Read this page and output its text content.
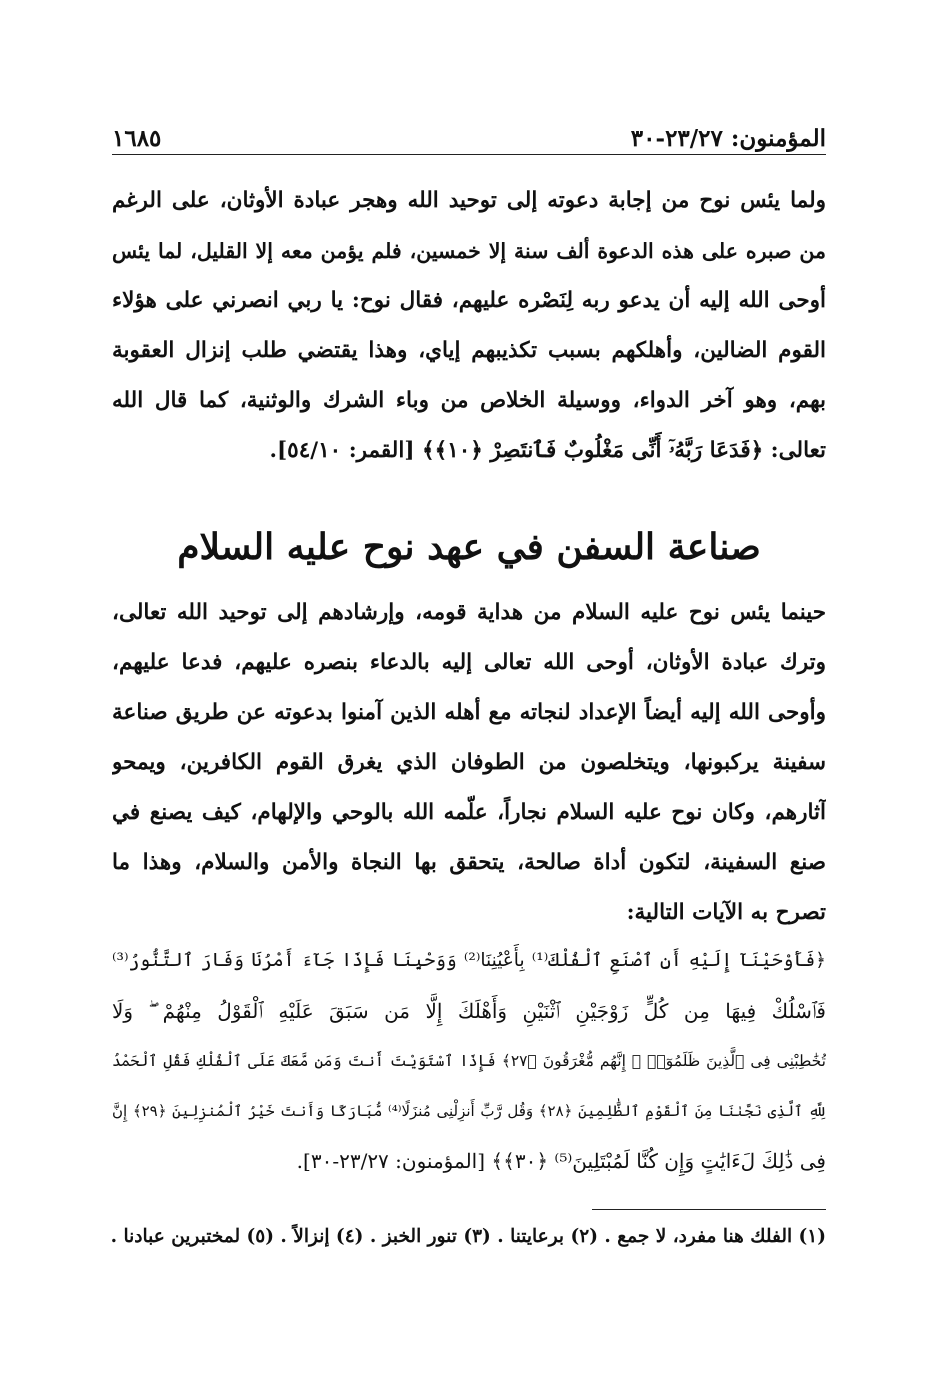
المؤمنون: ٢٣/٢٧-٣٠
١٦٨٥
ولما يئس نوح من إجابة دعوته إلى توحيد الله وهجر عبادة الأوثان، على الرغم
من صبره على هذه الدعوة ألف سنة إلا خمسين، فلم يؤمن معه إلا القليل، لما يئس
أوحى الله إليه أن يدعو ربه لِنَصْره عليهم، فقال نوح: يا ربي انصرني على هؤلاء
القوم الضالين، وأهلكهم بسبب تكذيبهم إياي، وهذا يقتضي طلب إنزال العقوبة
بهم، وهو آخر الدواء، ووسيلة الخلاص من وباء الشرك والوثنية، كما قال الله
تعالى: ﴿فَدَعَا رَبَّهُۥٓ أَنِّى مَغْلُوبٌ فَٱنتَصِرْ ﴿١٠﴾﴾ [القمر: ٥٤/١٠].
صناعة السفن في عهد نوح عليه السلام
حينما يئس نوح عليه السلام من هداية قومه، وإرشادهم إلى توحيد الله تعالى،
وترك عبادة الأوثان، أوحى الله تعالى إليه بالدعاء بنصره عليهم، فدعا عليهم،
وأوحى الله إليه أيضاً الإعداد لنجاته مع أهله الذين آمنوا بدعوته عن طريق صناعة
سفينة يركبونها، ويتخلصون من الطوفان الذي يغرق القوم الكافرين، ويمحو
آثارهم، وكان نوح عليه السلام نجاراً، علّمه الله بالوحي والإلهام، كيف يصنع في
صنع السفينة، لتكون أداة صالحة، يتحقق بها النجاة والأمن والسلام، وهذا ما
تصرح به الآيات التالية:
﴿فَأَوْحَيْنَآ إِلَيْهِ أَنِ ٱصْنَعِ ٱلْفُلْكَ⁽¹⁾ بِأَعْيُنِنَا⁽²⁾ وَوَحْيِنَا فَإِذَا جَآءَ أَمْرُنَا وَفَارَ ٱلتَّنُّورُ⁽³⁾
فَٱسْلُكْ فِيهَا مِن كُلٍّ زَوْجَيْنِ ٱثْنَيْنِ وَأَهْلَكَ إِلَّا مَن سَبَقَ عَلَيْهِ ٱلْقَوْلُ مِنْهُمْ ۖ وَلَا
تُخَٰطِبْنِى فِى ٱلَّذِينَ ظَلَمُوٓا۟ ۖ إِنَّهُم مُّغْرَقُونَ ﴿٢٧﴾ فَإِذَا ٱسْتَوَيْتَ أَنتَ وَمَن مَّعَكَ عَلَى ٱلْفُلْكِ فَقُلِ ٱلْحَمْدُ
لِلَّهِ ٱلَّذِى نَجَّىٰنَا مِنَ ٱلْقَوْمِ ٱلظَّٰلِمِينَ ﴿٢٨﴾ وَقُل رَّبِّ أَنزِلْنِى مُنزَلًا⁽⁴⁾ مُّبَارَكًا وَأَنتَ خَيْرُ ٱلْمُنزِلِينَ ﴿٢٩﴾ إِنَّ
فِى ذَٰلِكَ لَءَايَٰتٍ وَإِن كُنَّا لَمُبْتَلِينَ⁽⁵⁾ ﴿٣٠﴾﴾ [المؤمنون: ٢٣/٢٧-٣٠].
(١) الفلك هنا مفرد، لا جمع . (٢) برعايتنا . (٣) تنور الخبز . (٤) إنزالاً . (٥) لمختبرين عبادنا .
